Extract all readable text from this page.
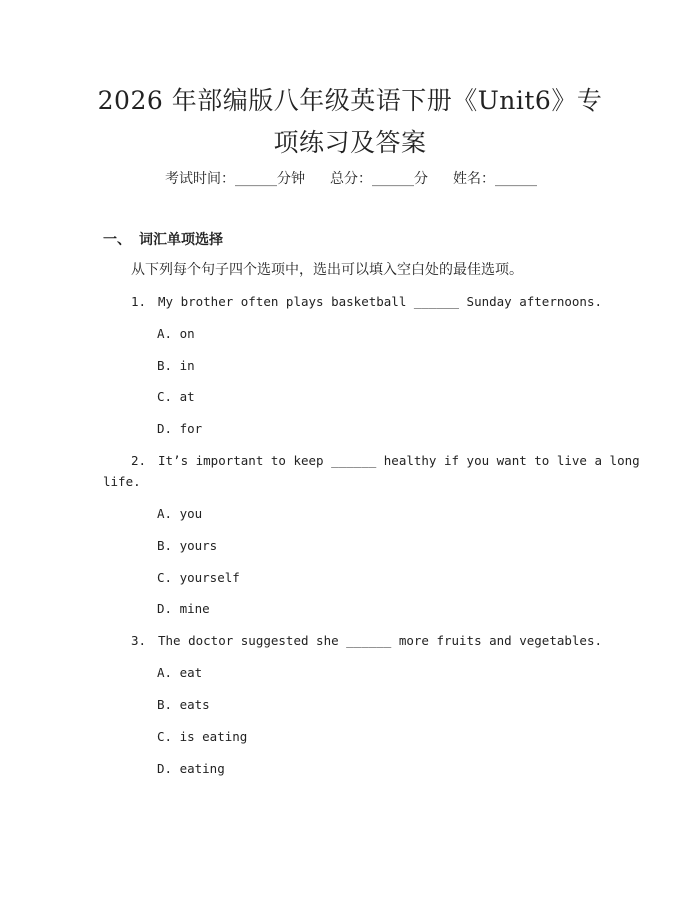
2026 年部编版八年级英语下册《Unit6》专
项练习及答案
考试时间：______分钟 总分：______分 姓名：______
一、 词汇单项选择
从下列每个句子四个选项中，选出可以填入空白处的最佳选项。
1. My brother often plays basketball ______ Sunday afternoons.
A. on
B. in
C. at
D. for
2. It’s important to keep ______ healthy if you want to live a long
life.
A. you
B. yours
C. yourself
D. mine
3. The doctor suggested she ______ more fruits and vegetables.
A. eat
B. eats
C. is eating
D. eating
